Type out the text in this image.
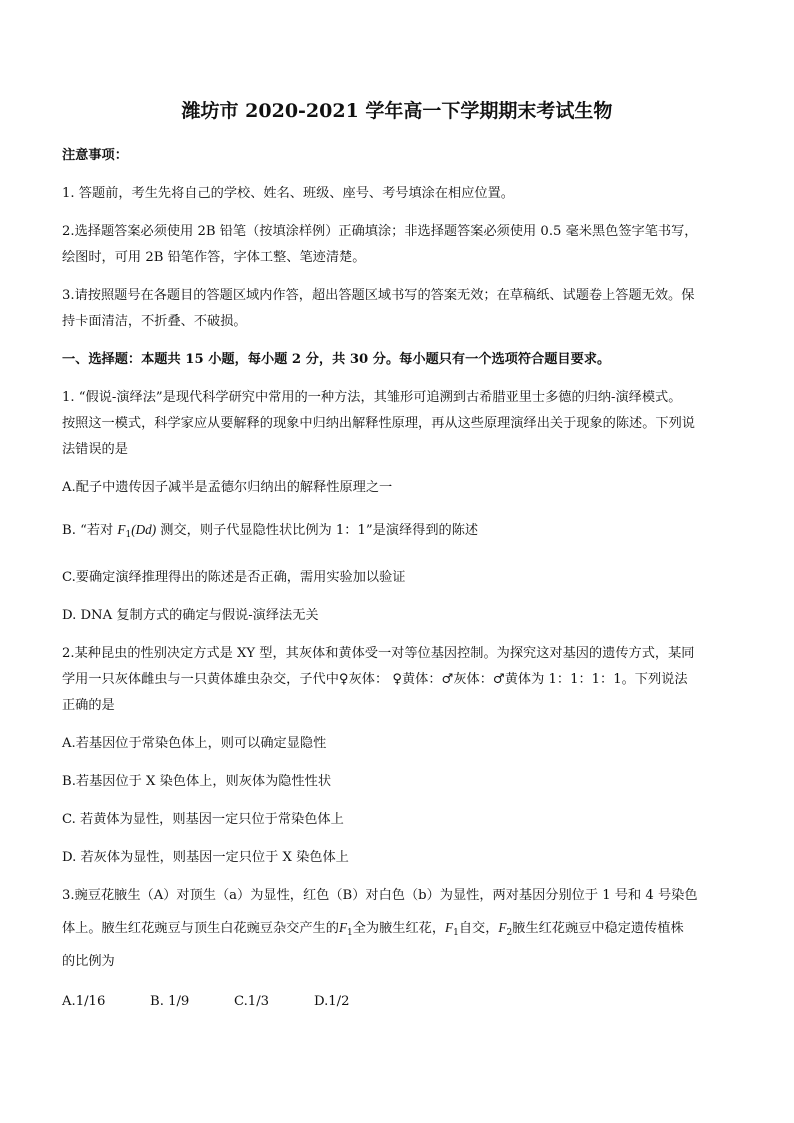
潍坊市 2020-2021 学年高一下学期期末考试生物
注意事项：
1. 答题前，考生先将自己的学校、姓名、班级、座号、考号填涂在相应位置。
2.选择题答案必须使用 2B 铅笔（按填涂样例）正确填涂；非选择题答案必须使用 0.5 毫米黑色签字笔书写，
绘图时，可用 2B 铅笔作答，字体工整、笔迹清楚。
3.请按照题号在各题目的答题区域内作答，超出答题区域书写的答案无效；在草稿纸、试题卷上答题无效。保
持卡面清洁，不折叠、不破损。
一、选择题：本题共 15 小题，每小题 2 分，共 30 分。每小题只有一个选项符合题目要求。
1. “假说-演绎法”是现代科学研究中常用的一种方法，其雏形可追溯到古希腊亚里士多德的归纳-演绎模式。
按照这一模式，科学家应从要解释的现象中归纳出解释性原理，再从这些原理演绎出关于现象的陈述。下列说
法错误的是
A.配子中遗传因子减半是孟德尔归纳出的解释性原理之一
B. “若对 $F_1(Dd)$ 测交，则子代显隐性状比例为 1：1”是演绎得到的陈述
C.要确定演绎推理得出的陈述是否正确，需用实验加以验证
D. DNA 复制方式的确定与假说-演绎法无关
2.某种昆虫的性别决定方式是 XY 型，其灰体和黄体受一对等位基因控制。为探究这对基因的遗传方式，某同
学用一只灰体雌虫与一只黄体雄虫杂交，子代中♀灰体： ♀黄体：♂灰体：♂黄体为 1：1：1：1。下列说法
正确的是
A.若基因位于常染色体上，则可以确定显隐性
B.若基因位于 X 染色体上，则灰体为隐性性状
C. 若黄体为显性，则基因一定只位于常染色体上
D. 若灰体为显性，则基因一定只位于 X 染色体上
3.豌豆花腋生（A）对顶生（a）为显性，红色（B）对白色（b）为显性，两对基因分别位于 1 号和 4 号染色
体上。腋生红花豌豆与顶生白花豌豆杂交产生的$F_1$全为腋生红花，$F_1$自交，$F_2$腋生红花豌豆中稳定遗传植株
的比例为
A.1/16	B. 1/9	C.1/3	D.1/2
